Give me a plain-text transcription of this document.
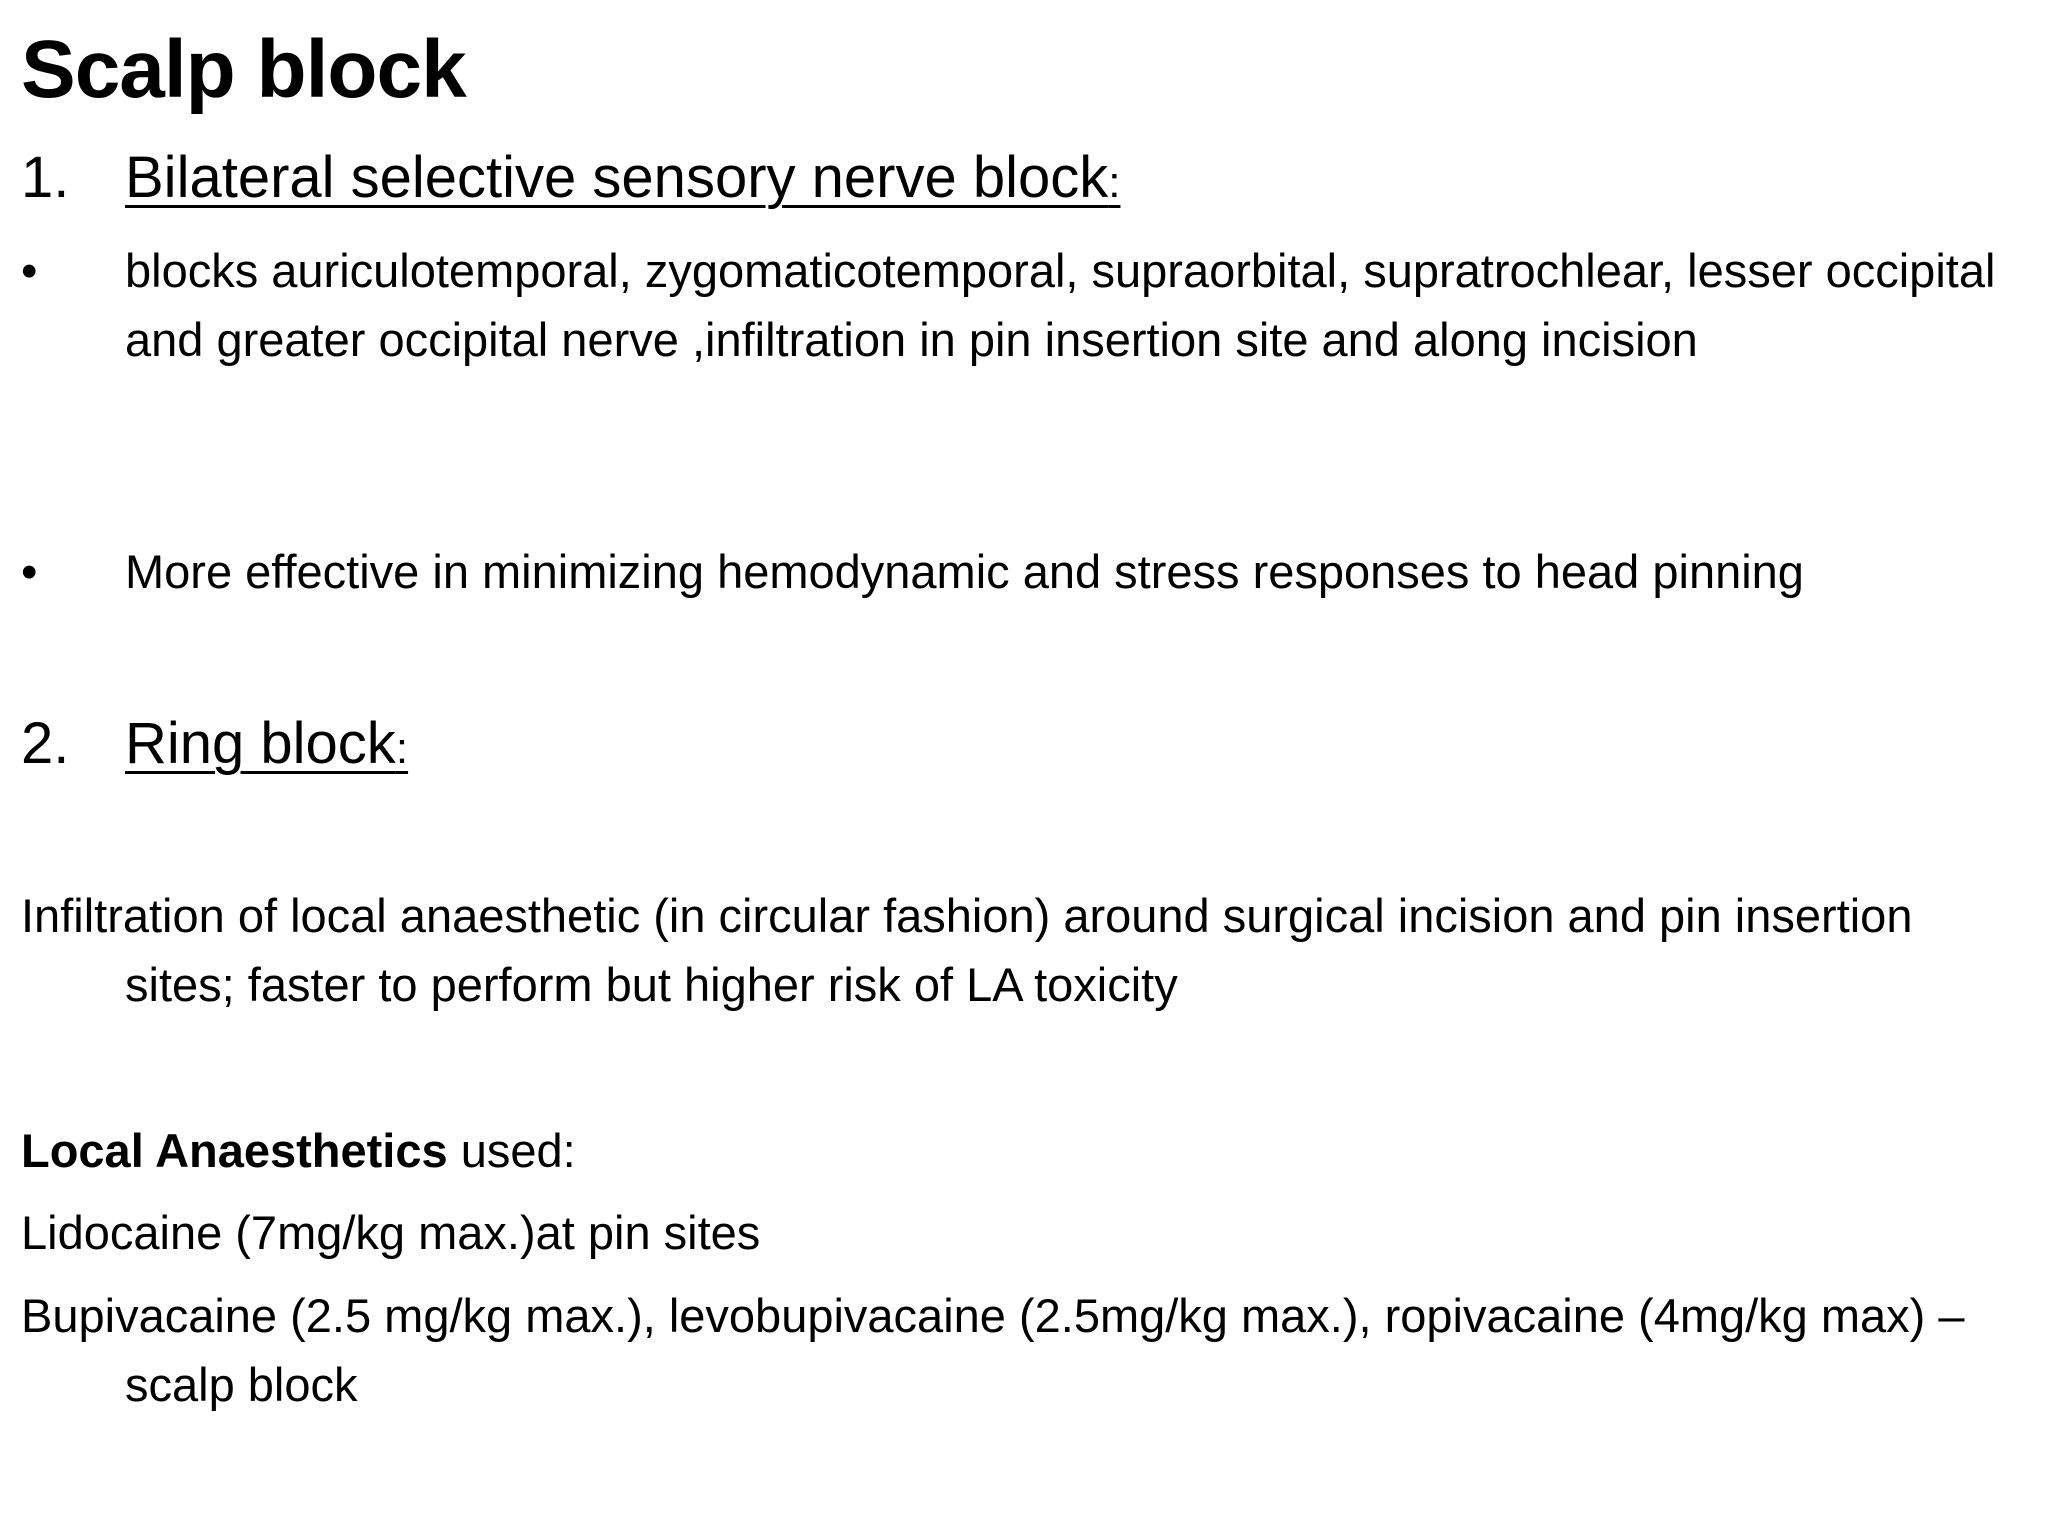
Scalp block
1. Bilateral selective sensory nerve block:
•	blocks auriculotemporal, zygomaticotemporal, supraorbital, supratrochlear, lesser occipital and greater occipital nerve ,infiltration in pin insertion site and along incision
•	More effective in minimizing hemodynamic and stress responses to head pinning
2. Ring block:
Infiltration of local anaesthetic (in circular fashion) around surgical incision and pin insertion sites; faster to perform but higher risk of LA toxicity
Local Anaesthetics used:
Lidocaine (7mg/kg max.)at pin sites
Bupivacaine (2.5 mg/kg max.), levobupivacaine (2.5mg/kg max.), ropivacaine (4mg/kg max) –scalp block
